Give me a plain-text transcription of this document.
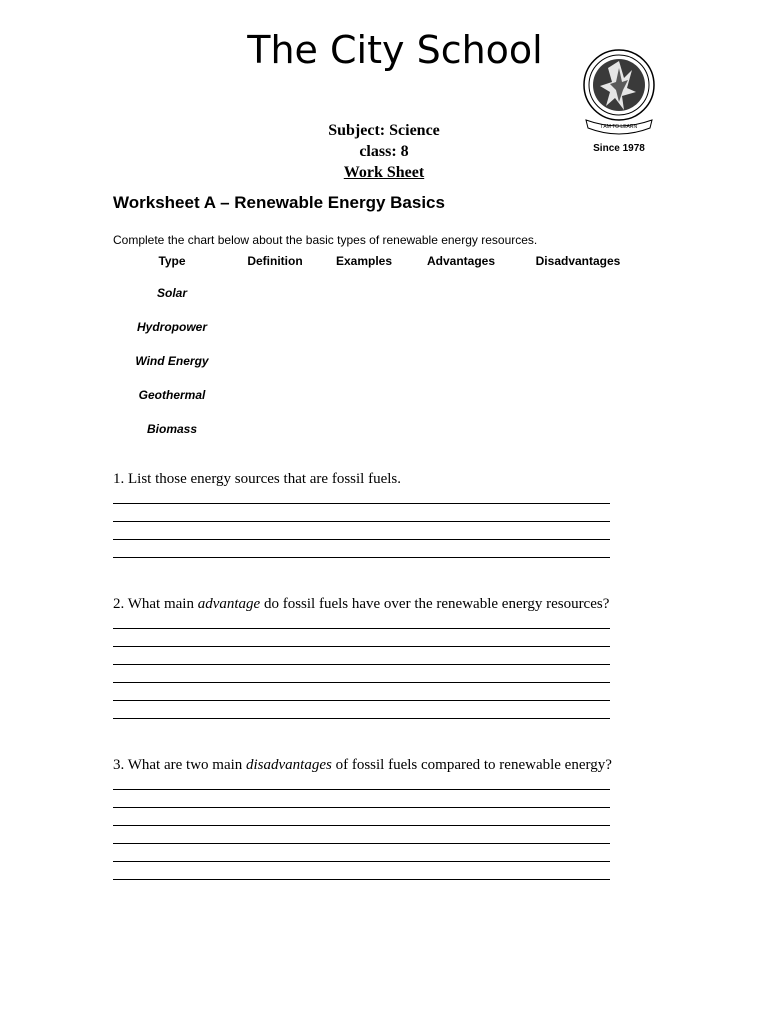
The City School
I AM TO LEARN
Since 1978
Subject: Science
class: 8
Work Sheet
Worksheet A – Renewable Energy Basics
Complete the chart below about the basic types of renewable energy resources.
Type	Definition	Examples	Advantages	Disadvantages
Solar
Hydropower
Wind Energy
Geothermal
Biomass
1. List those energy sources that are fossil fuels.
2. What main advantage do fossil fuels have over the renewable energy resources?
3. What are two main disadvantages of fossil fuels compared to renewable energy?
